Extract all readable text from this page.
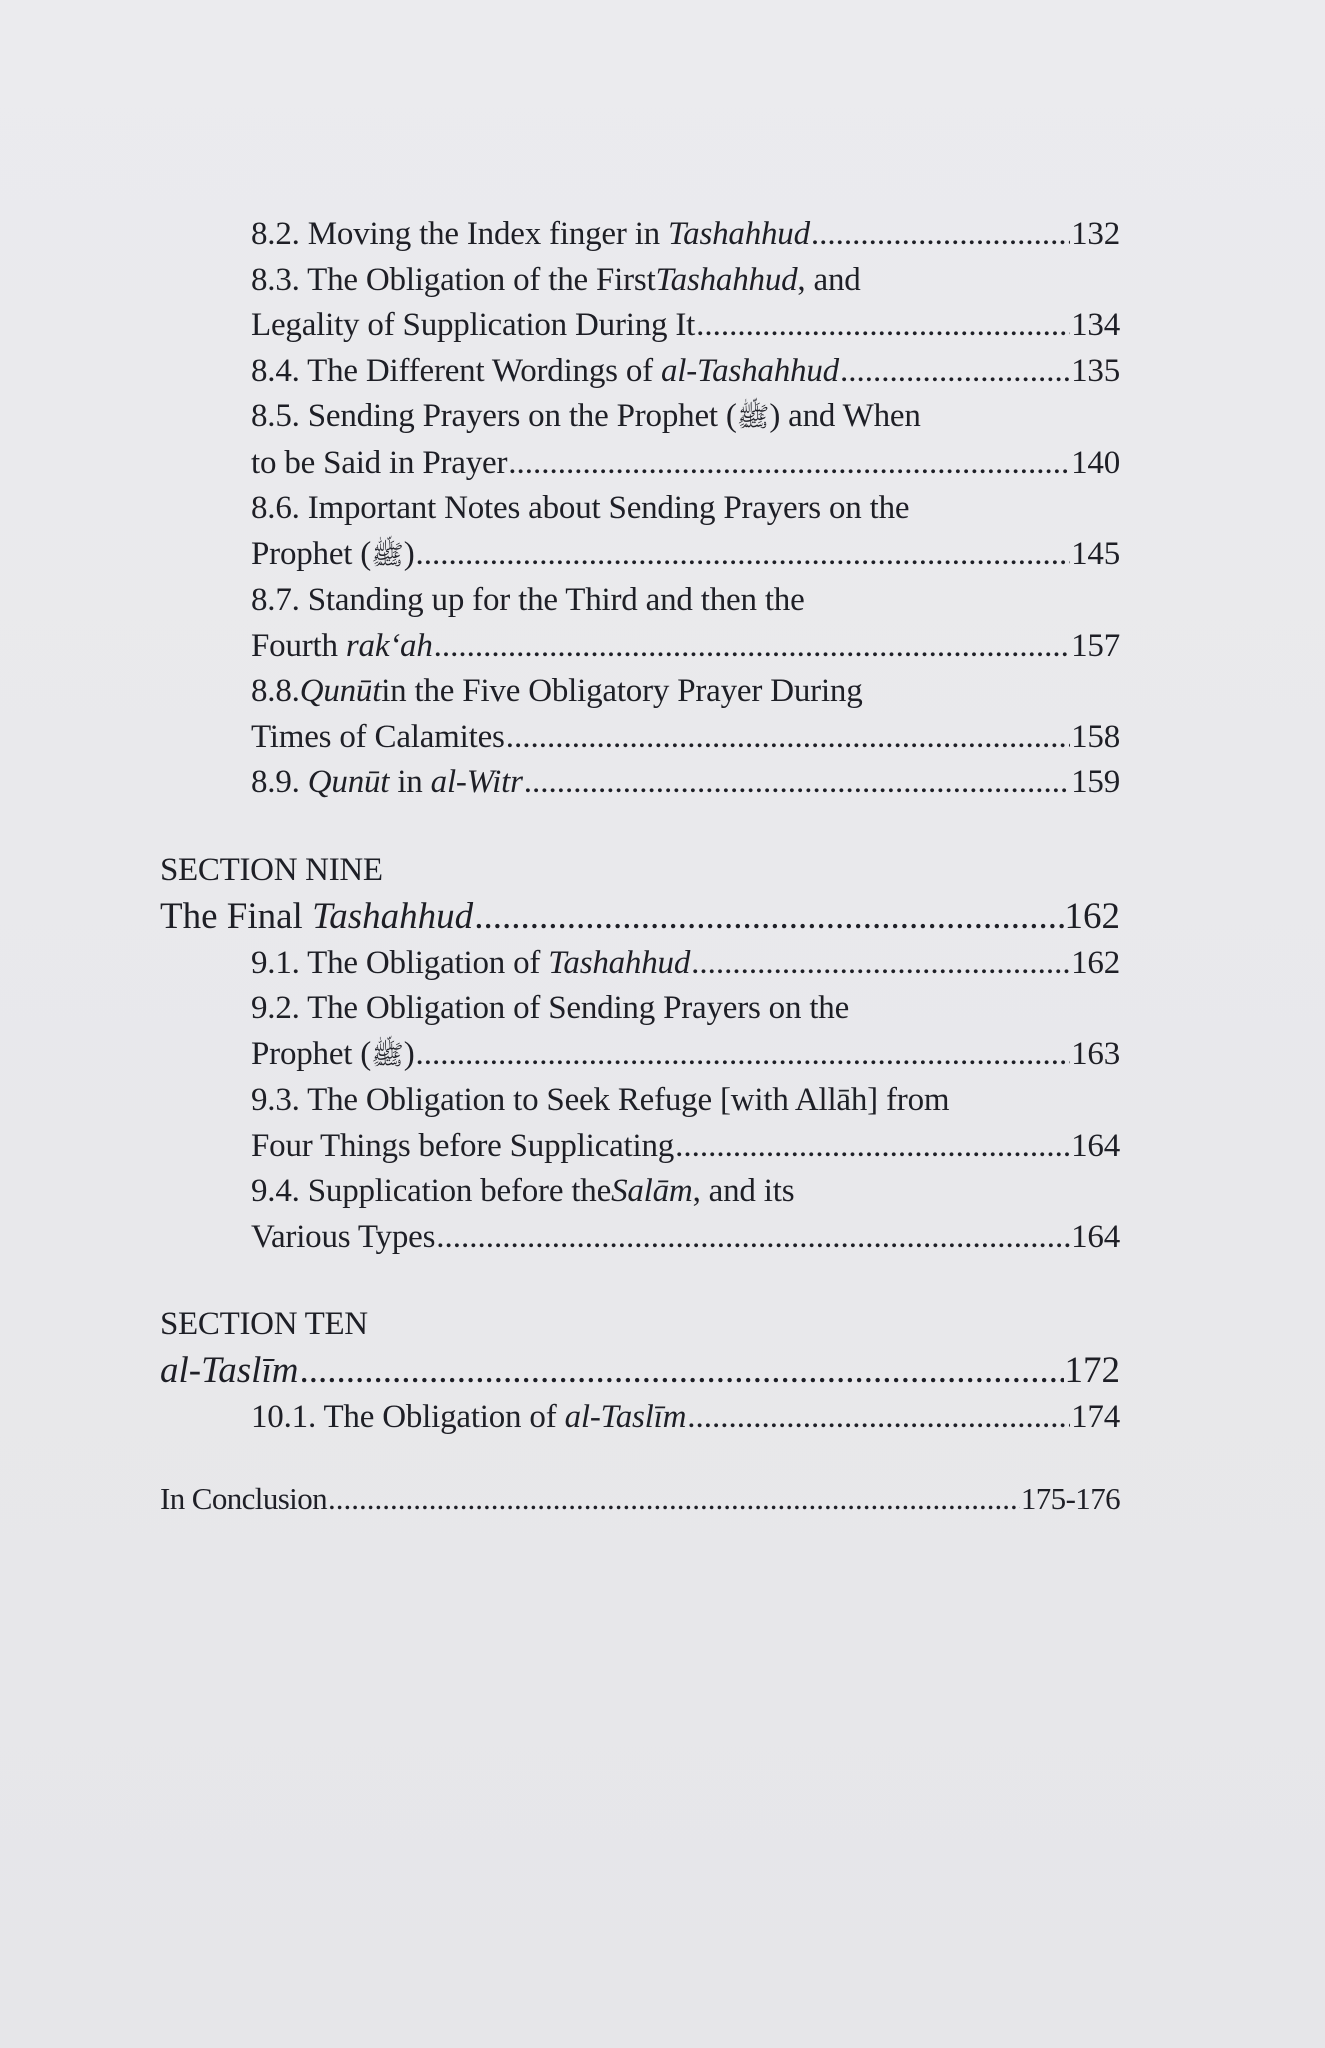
8.2. Moving the Index finger in Tashahhud .....	132
8.3. The Obligation of the First Tashahhud , and
Legality of Supplication During It .....	134
8.4. The Different Wordings of al-Tashahhud .....	135
8.5. Sending Prayers on the Prophet ( ﷺ ) and When
to be Said in Prayer .....	140
8.6. Important Notes about Sending Prayers on the
Prophet (ﷺ) .....	145
8.7. Standing up for the Third and then the
Fourth rak‘ah .....	157
8.8. Qunūt in the Five Obligatory Prayer During
Times of Calamites .....	158
8.9. Qunūt in al-Witr .....	159
SECTION NINE
The Final Tashahhud .....	162
9.1. The Obligation of Tashahhud .....	162
9.2. The Obligation of Sending Prayers on the
Prophet (ﷺ) .....	163
9.3. The Obligation to Seek Refuge [with Allāh] from
Four Things before Supplicating .....	164
9.4. Supplication before the Salām , and its
Various Types .....	164
SECTION TEN
al-Taslīm .....	172
10.1. The Obligation of al-Taslīm .....	174
In Conclusion .....	175-176
